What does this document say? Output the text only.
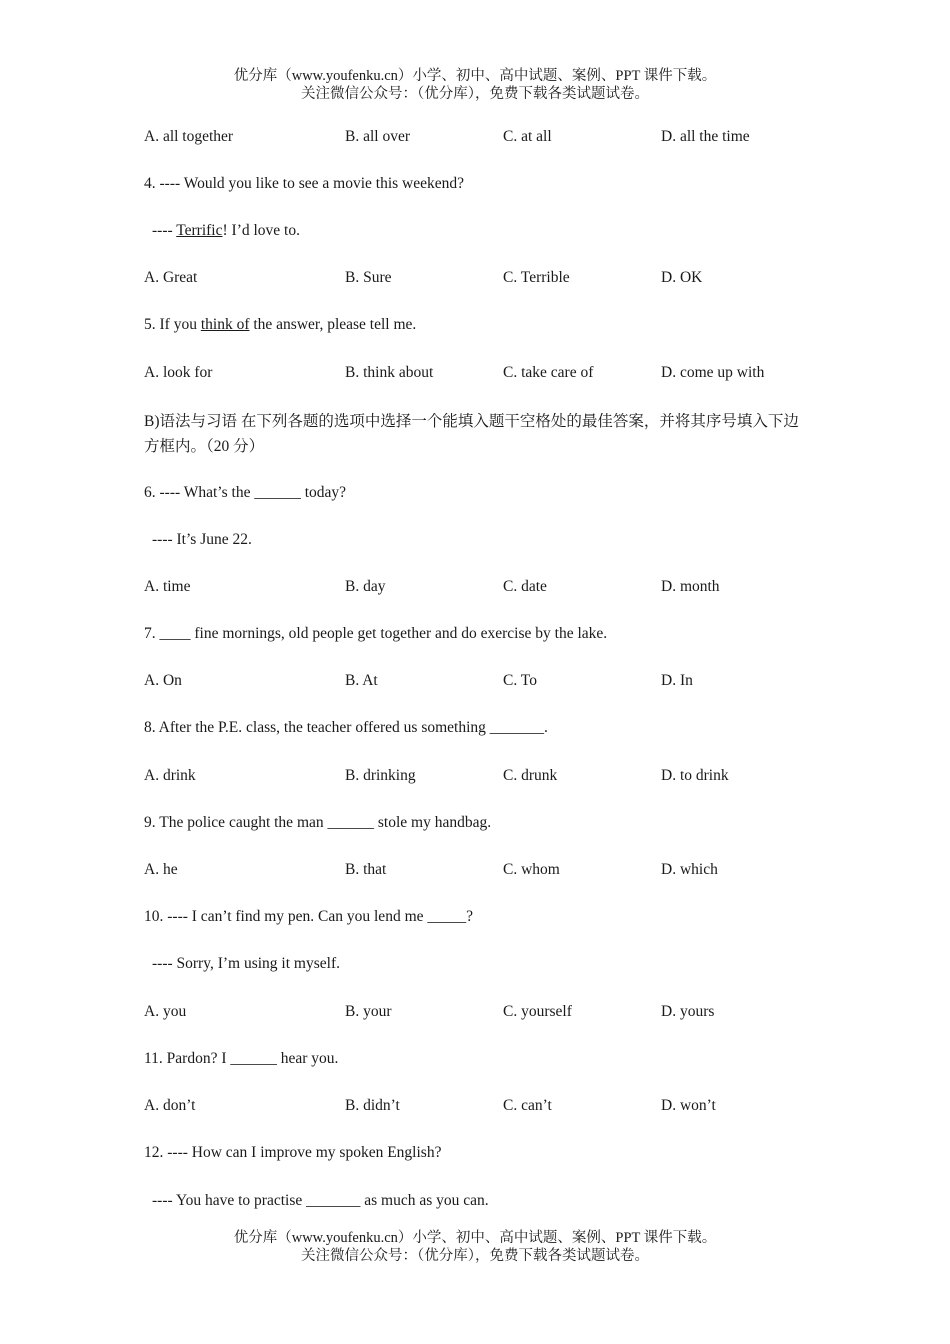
优分库（www.youfenku.cn）小学、初中、高中试题、案例、PPT 课件下载。
关注微信公众号：（优分库），免费下载各类试题试卷。
A. all together	B. all over	C. at all	D. all the time
4. ---- Would you like to see a movie this weekend?
---- Terrific! I’d love to.
A. Great	B. Sure	C. Terrible	D. OK
5. If you think of the answer, please tell me.
A. look for	B. think about	C. take care of	D. come up with
B)语法与习语 在下列各题的选项中选择一个能填入题干空格处的最佳答案，并将其序号填入下边方框内。（20 分）
6. ---- What’s the ______ today?
---- It’s June 22.
A. time	B. day	C. date	D. month
7. ____ fine mornings, old people get together and do exercise by the lake.
A. On	B. At	C. To	D. In
8. After the P.E. class, the teacher offered us something _______.
A. drink	B. drinking	C. drunk	D. to drink
9. The police caught the man ______ stole my handbag.
A. he	B. that	C. whom	D. which
10. ---- I can’t find my pen. Can you lend me _____?
---- Sorry, I’m using it myself.
A. you	B. your	C. yourself	D. yours
11. Pardon? I ______ hear you.
A. don’t	B. didn’t	C. can’t	D. won’t
12. ---- How can I improve my spoken English?
---- You have to practise _______ as much as you can.
优分库（www.youfenku.cn）小学、初中、高中试题、案例、PPT 课件下载。
关注微信公众号：（优分库），免费下载各类试题试卷。
